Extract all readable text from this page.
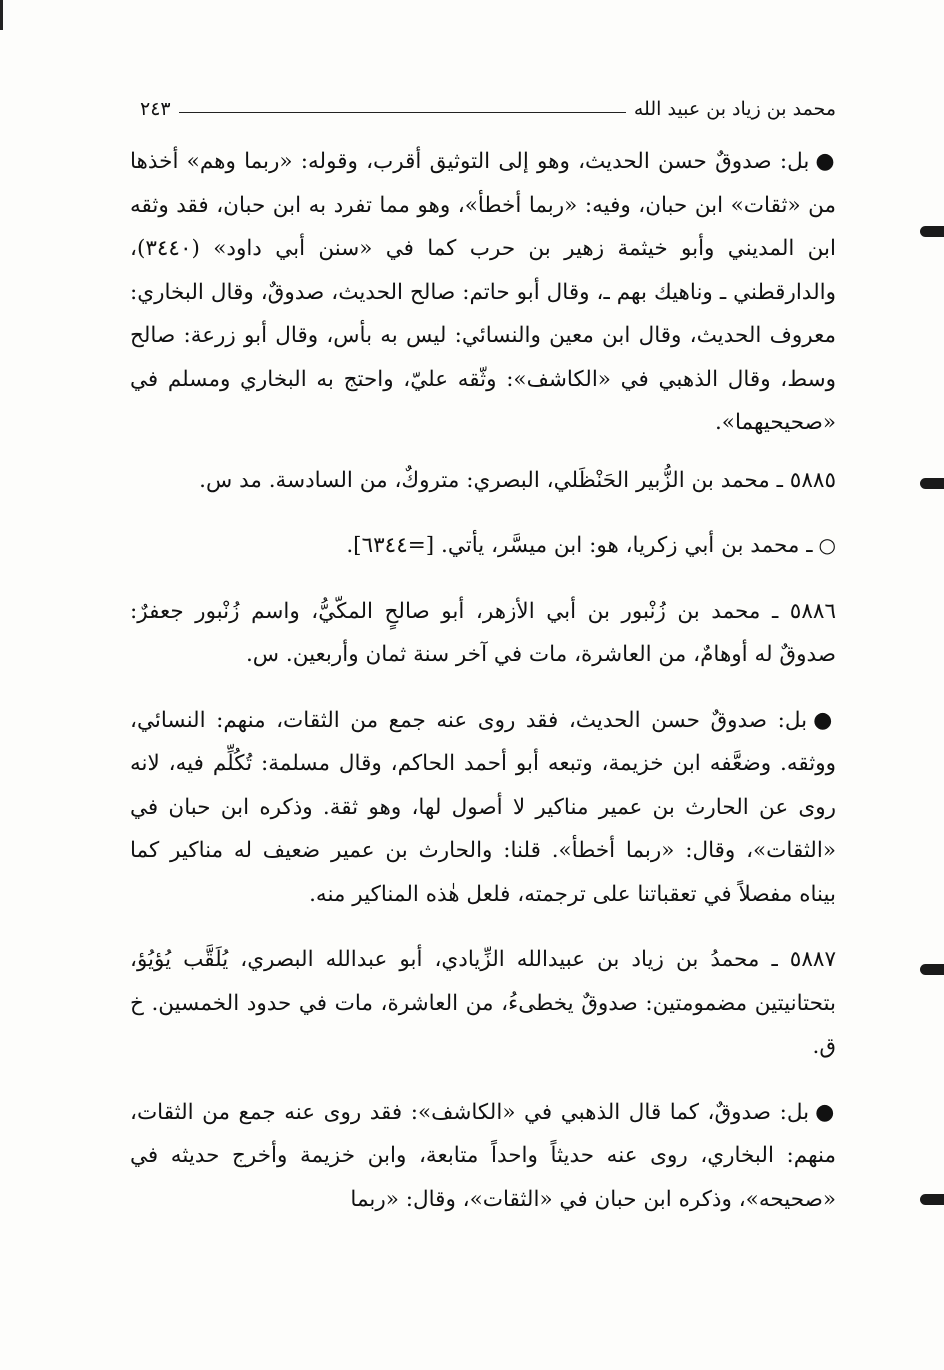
محمد بن زياد بن عبيد الله
٢٤٣

●بل: صدوقٌ حسن الحديث، وهو إلى التوثيق أقرب، وقوله: «ربما وهم» أخذها من «ثقات» ابن حبان، وفيه: «ربما أخطأ»، وهو مما تفرد به ابن حبان، فقد وثقه ابن المديني وأبو خيثمة زهير بن حرب كما في «سنن أبي داود» (٣٤٤٠)، والدارقطني ـ وناهيك بهم ـ، وقال أبو حاتم: صالح الحديث، صدوقٌ، وقال البخاري: معروف الحديث، وقال ابن معين والنسائي: ليس به بأس، وقال أبو زرعة: صالح وسط، وقال الذهبي في «الكاشف»: وثّقه عليّ، واحتج به البخاري ومسلم في «صحيحيهما».

٥٨٨٥ ـ محمد بن الزُّبير الحَنْظَلي، البصري: متروكٌ، من السادسة. مد س.

○ـ محمد بن أبي زكريا، هو: ابن ميسَّر، يأتي. [=٦٣٤٤].

٥٨٨٦ ـ محمد بن زُنْبور بن أبي الأزهر، أبو صالحٍ المكّيُّ، واسم زُنْبور جعفرٌ: صدوقٌ له أوهامٌ، من العاشرة، مات في آخر سنة ثمان وأربعين. س.

●بل: صدوقٌ حسن الحديث، فقد روى عنه جمع من الثقات، منهم: النسائي، ووثقه. وضعَّفه ابن خزيمة، وتبعه أبو أحمد الحاكم، وقال مسلمة: تُكُلِّم فيه، لانه روى عن الحارث بن عمير مناكير لا أصول لها، وهو ثقة. وذكره ابن حبان في «الثقات»، وقال: «ربما أخطأ». قلنا: والحارث بن عمير ضعيف له مناكير كما بيناه مفصلاً في تعقباتنا على ترجمته، فلعل هٰذه المناكير منه.

٥٨٨٧ ـ محمدُ بن زياد بن عبيدالله الزِّيادي، أبو عبدالله البصري، يُلَقَّب يُؤيُؤ، بتحتانيتين مضمومتين: صدوقٌ يخطىءُ، من العاشرة، مات في حدود الخمسين. خ ق.

●بل: صدوقٌ، كما قال الذهبي في «الكاشف»: فقد روى عنه جمع من الثقات، منهم: البخاري، روى عنه حديثاً واحداً متابعة، وابن خزيمة وأخرج حديثه في «صحيحه»، وذكره ابن حبان في «الثقات»، وقال: «ربما
